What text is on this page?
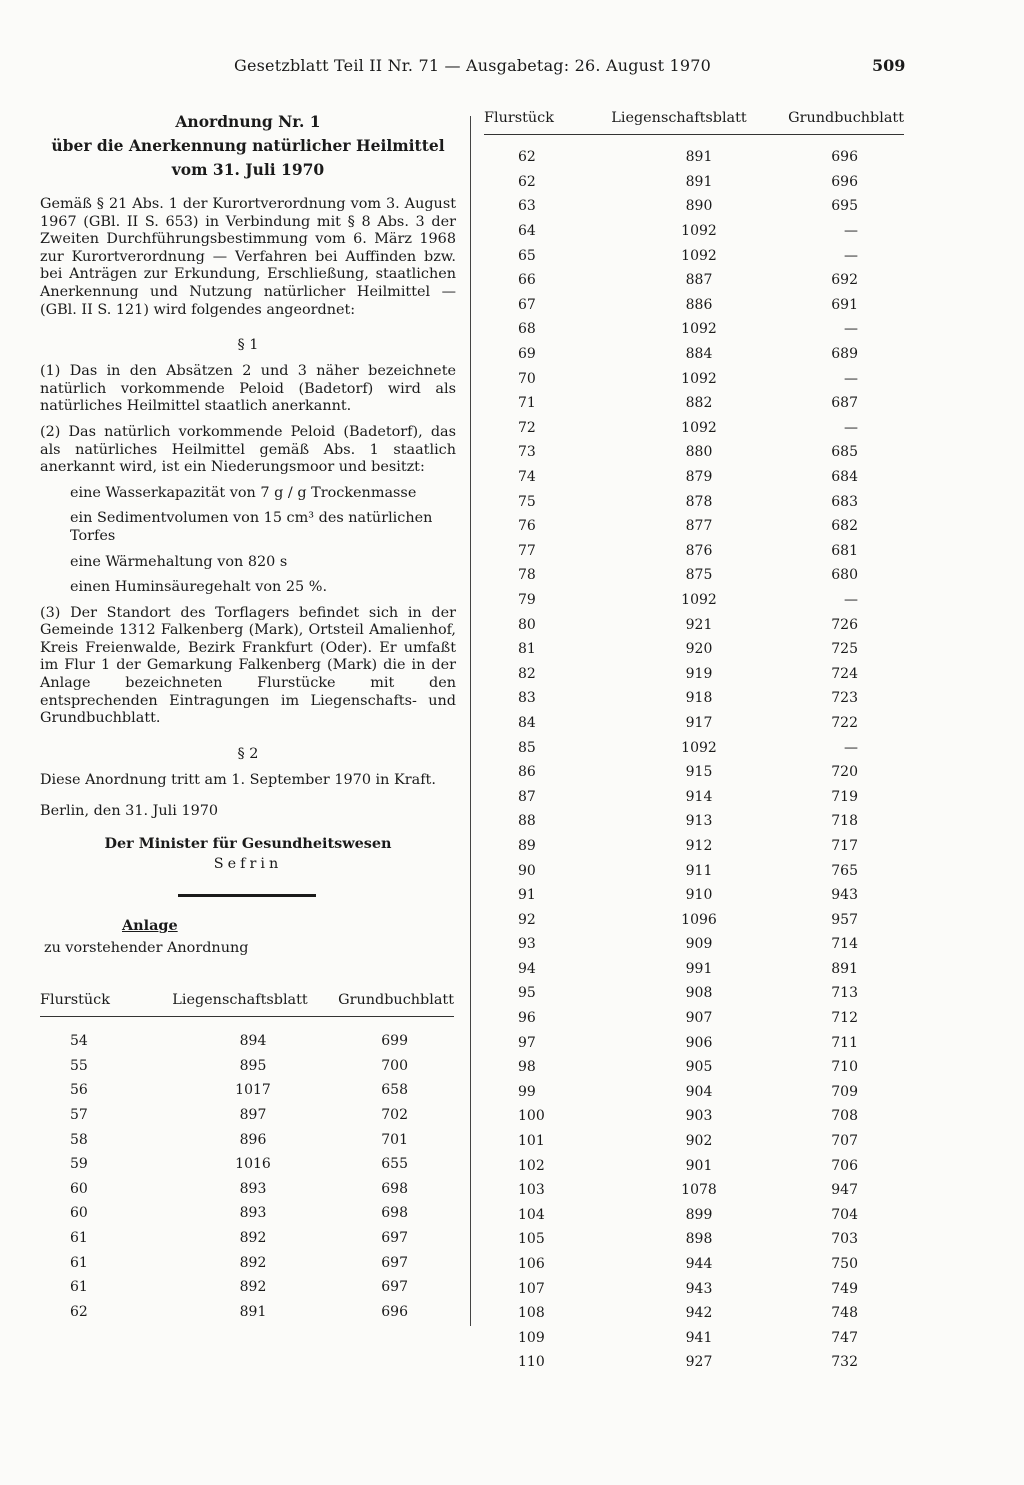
Gesetzblatt Teil II Nr. 71 — Ausgabetag: 26. August 1970	509
Anordnung Nr. 1
über die Anerkennung natürlicher Heilmittel
vom 31. Juli 1970

Gemäß § 21 Abs. 1 der Kurortverordnung vom 3. August 1967 (GBl. II S. 653) in Verbindung mit § 8 Abs. 3 der Zweiten Durchführungsbestimmung vom 6. März 1968 zur Kurortverordnung — Verfahren bei Auffinden bzw. bei Anträgen zur Erkundung, Erschließung, staatlichen Anerkennung und Nutzung natürlicher Heilmittel — (GBl. II S. 121) wird folgendes angeordnet:

§ 1

(1) Das in den Absätzen 2 und 3 näher bezeichnete natürlich vorkommende Peloid (Badetorf) wird als natürliches Heilmittel staatlich anerkannt.

(2) Das natürlich vorkommende Peloid (Badetorf), das als natürliches Heilmittel gemäß Abs. 1 staatlich anerkannt wird, ist ein Niederungsmoor und besitzt:

eine Wasserkapazität von 7 g / g Trockenmasse
ein Sedimentvolumen von 15 cm³ des natürlichen Torfes
eine Wärmehaltung von 820 s
einen Huminsäuregehalt von 25 %.

(3) Der Standort des Torflagers befindet sich in der Gemeinde 1312 Falkenberg (Mark), Ortsteil Amalienhof, Kreis Freienwalde, Bezirk Frankfurt (Oder). Er umfaßt im Flur 1 der Gemarkung Falkenberg (Mark) die in der Anlage bezeichneten Flurstücke mit den entsprechenden Eintragungen im Liegenschafts- und Grundbuchblatt.

§ 2

Diese Anordnung tritt am 1. September 1970 in Kraft.

Berlin, den 31. Juli 1970
Der Minister für Gesundheitswesen
Sefrin
Anlage
zu vorstehender Anordnung
Flurstück	Liegenschaftsblatt	Grundbuchblatt
54	894	699
55	895	700
56	1017	658
57	897	702
58	896	701
59	1016	655
60	893	698
60	893	698
61	892	697
61	892	697
61	892	697
62	891	696
Flurstück	Liegenschaftsblatt	Grundbuchblatt
62	891	696
62	891	696
63	890	695
64	1092	—
65	1092	—
66	887	692
67	886	691
68	1092	—
69	884	689
70	1092	—
71	882	687
72	1092	—
73	880	685
74	879	684
75	878	683
76	877	682
77	876	681
78	875	680
79	1092	—
80	921	726
81	920	725
82	919	724
83	918	723
84	917	722
85	1092	—
86	915	720
87	914	719
88	913	718
89	912	717
90	911	765
91	910	943
92	1096	957
93	909	714
94	991	891
95	908	713
96	907	712
97	906	711
98	905	710
99	904	709
100	903	708
101	902	707
102	901	706
103	1078	947
104	899	704
105	898	703
106	944	750
107	943	749
108	942	748
109	941	747
110	927	732
